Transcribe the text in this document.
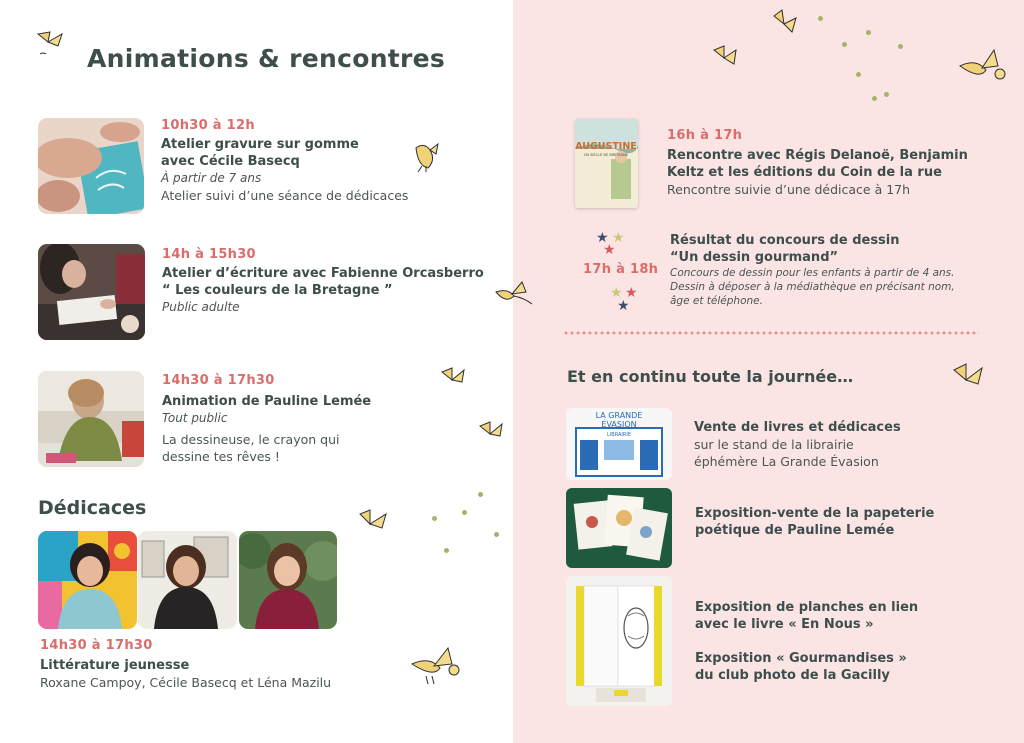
Animations & rencontres
10h30 à 12h
Atelier gravure sur gomme
avec Cécile Basecq
À partir de 7 ans
Atelier suivi d’une séance de dédicaces
14h à 15h30
Atelier d’écriture avec Fabienne Orcasberro
“ Les couleurs de la Bretagne ”
Public adulte
14h30 à 17h30
Animation de Pauline Lemée
Tout public
La dessineuse, le crayon qui
dessine tes rêves !
Dédicaces
14h30 à 17h30
Littérature jeunesse
Roxane Campoy, Cécile Basecq et Léna Mazilu
AUGUSTINE
UN SIÈCLE DE BRETAGNE
16h à 17h
Rencontre avec Régis Delanoë, Benjamin
Keltz et les éditions du Coin de la rue
Rencontre suivie d’une dédicace à 17h
★ ★
★
★ ★
★
17h à 18h
Résultat du concours de dessin
“Un dessin gourmand”
Concours de dessin pour les enfants à partir de 4 ans.
Dessin à déposer à la médiathèque en précisant nom,
âge et téléphone.
Et en continu toute la journée…
LA GRANDE
ÉVASION
LIBRAIRIE	Vente de livres et dédicaces
sur le stand de la librairie
éphémère La Grande Évasion
Exposition-vente de la papeterie
poétique de Pauline Lemée
Exposition de planches en lien
avec le livre « En Nous »
Exposition « Gourmandises »
du club photo de la Gacilly
